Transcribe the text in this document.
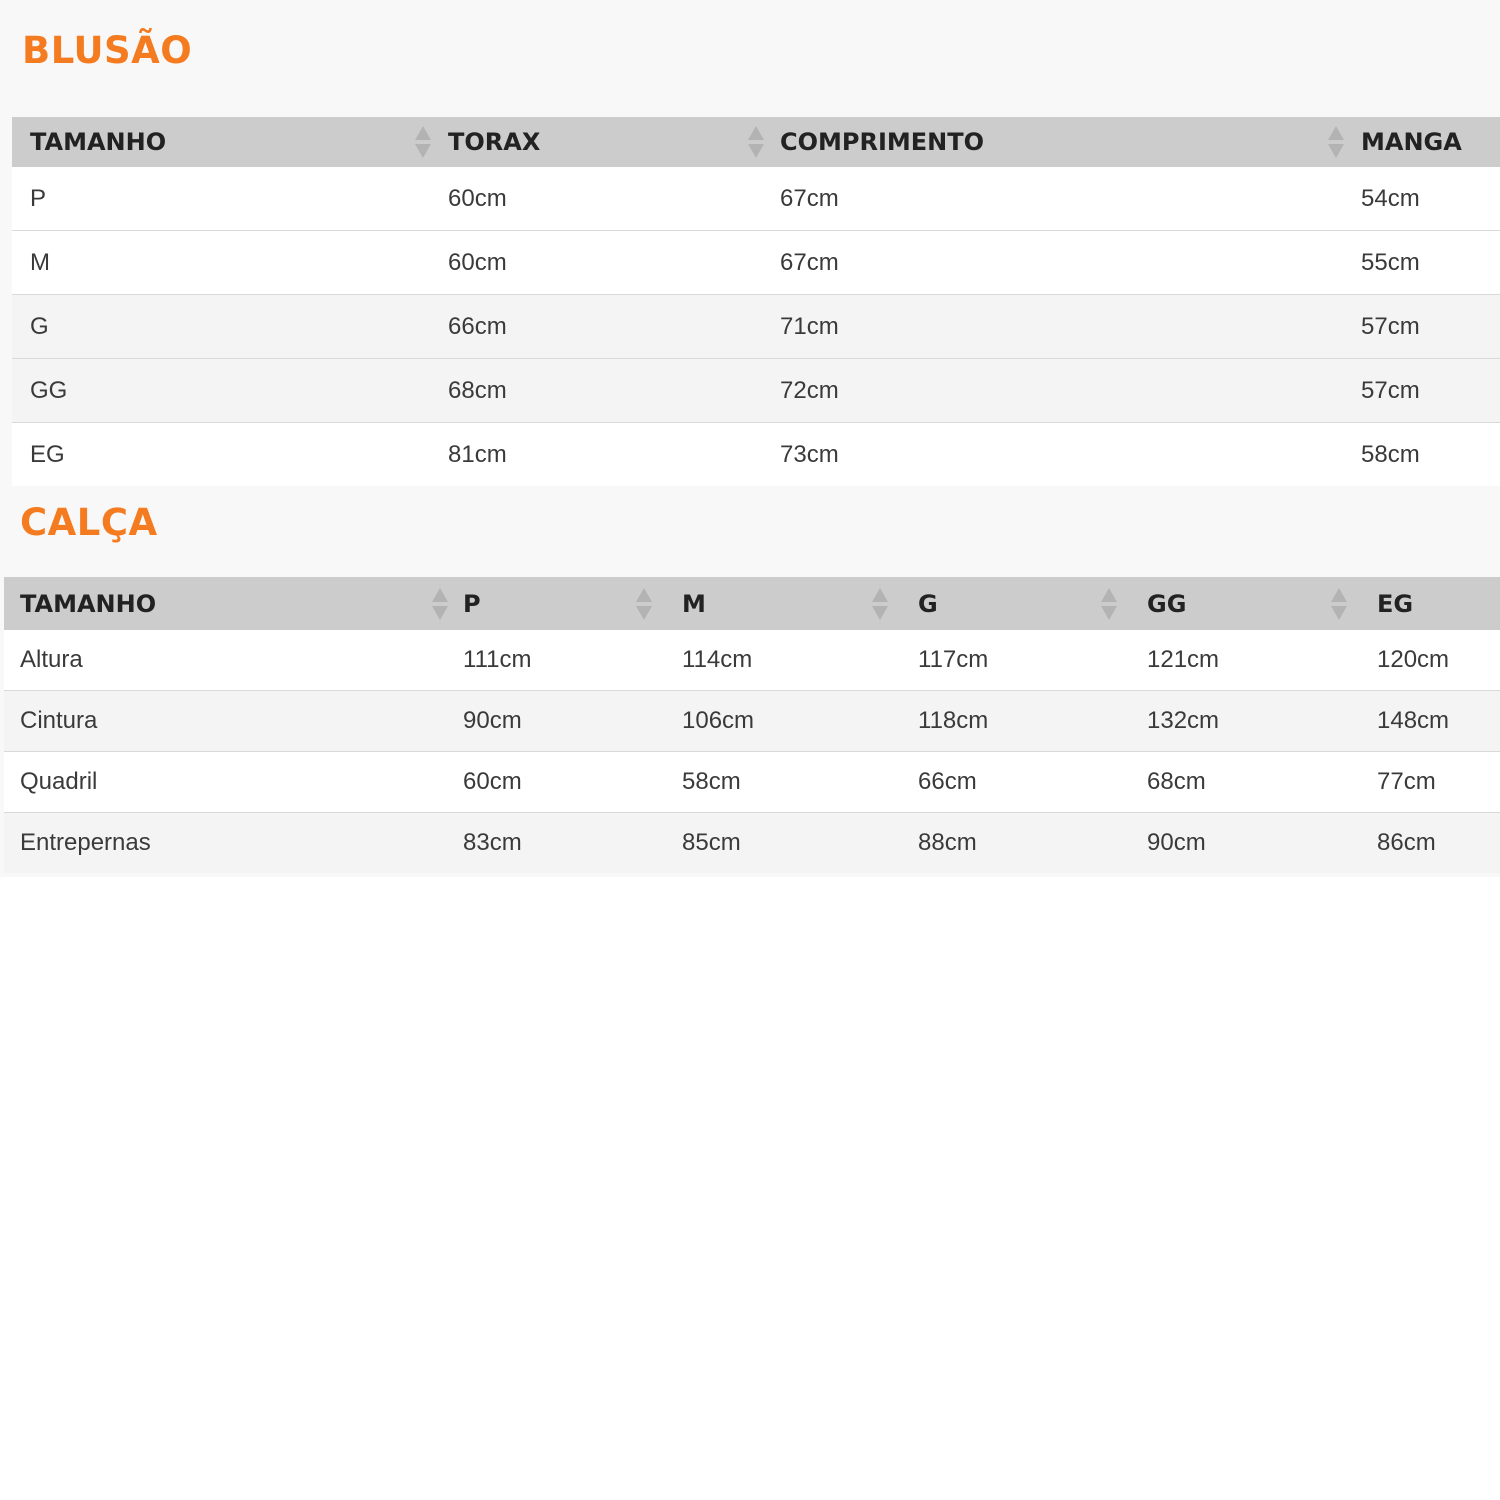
BLUSÃO
TAMANHO	TORAX	COMPRIMENTO	MANGA
P	60cm	67cm	54cm
M	60cm	67cm	55cm
G	66cm	71cm	57cm
GG	68cm	72cm	57cm
EG	81cm	73cm	58cm
CALÇA
TAMANHO	P	M	G	GG	EG
Altura	111cm	114cm	117cm	121cm	120cm
Cintura	90cm	106cm	118cm	132cm	148cm
Quadril	60cm	58cm	66cm	68cm	77cm
Entrepernas	83cm	85cm	88cm	90cm	86cm
